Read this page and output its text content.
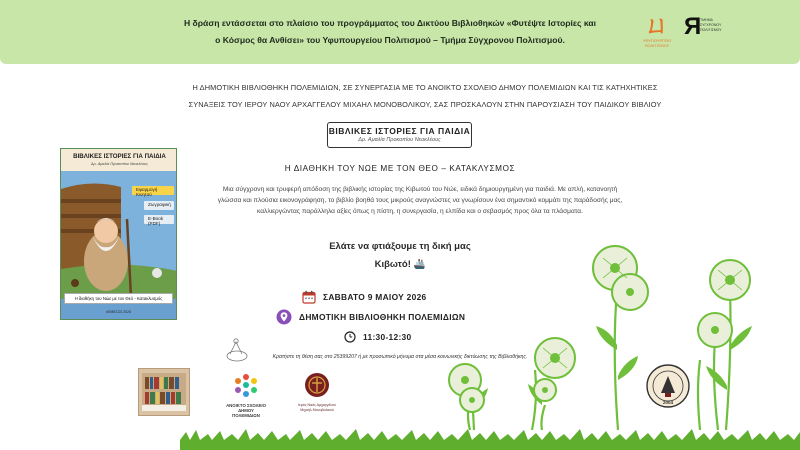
Η δράση εντάσσεται στο πλαίσιο του προγράμματος του Δικτύου Βιβλιοθηκών «Φυτέψτε Ιστορίες και
ο Κόσμος θα Ανθίσει» του Υφυπουργείου Πολιτισμού – Τμήμα Σύγχρονου Πολιτισμού.
ㄩ
ΥΦΥΠΟΥΡΓΕΙΟ ΠΟΛΙΤΙΣΜΟΥ
Я
ΤΜΗΜΑ ΣΥΓΧΡΟΝΟΥ ΠΟΛΙΤΙΣΜΟΥ
Η ΔΗΜΟΤΙΚΗ ΒΙΒΛΙΟΘΗΚΗ ΠΟΛΕΜΙΔΙΩΝ, ΣΕ ΣΥΝΕΡΓΑΣΙΑ ΜΕ ΤΟ ΑΝΟΙΚΤΟ ΣΧΟΛΕΙΟ ΔΗΜΟΥ ΠΟΛΕΜΙΔΙΩΝ ΚΑΙ ΤΙΣ ΚΑΤΗΧΗΤΙΚΕΣ
ΣΥΝΑΞΕΙΣ ΤΟΥ ΙΕΡΟΥ ΝΑΟΥ ΑΡΧΑΓΓΕΛΟΥ ΜΙΧΑΗΛ ΜΟΝΟΒΟΛΙΚΟΥ, ΣΑΣ ΠΡΟΣΚΑΛΟΥΝ ΣΤΗΝ ΠΑΡΟΥΣΙΑΣΗ ΤΟΥ ΠΑΙΔΙΚΟΥ ΒΙΒΛΙΟΥ
ΒΙΒΛΙΚΕΣ ΙΣΤΟΡΙΕΣ ΓΙΑ ΠΑΙΔΙΑ
Δρ. Αμαλία Προκοπίου Νεοκλέους
Η ΔΙΑΘΗΚΗ ΤΟΥ ΝΩΕ ΜΕ ΤΟΝ ΘΕΟ – ΚΑΤΑΚΛΥΣΜΟΣ
Μια σύγχρονη και τρυφερή απόδοση της βιβλικής ιστορίας της Κιβωτού του Νώε, ειδικά δημιουργημένη για παιδιά. Με απλή, κατανοητή
γλώσσα και πλούσια εικονογράφηση, το βιβλίο βοηθά τους μικρούς αναγνώστες να γνωρίσουν ένα σημαντικό κομμάτι της παράδοσής μας,
καλλιεργώντας παράλληλα αξίες όπως η πίστη, η συνεργασία, η ελπίδα και ο σεβασμός προς όλα τα πλάσματα.
Ελάτε να φτιάξουμε τη δική μας
Κιβωτό! 🚢
ΣΑΒΒΑΤΟ 9 ΜΑΙΟΥ 2026
ΔΗΜΟΤΙΚΗ ΒΙΒΛΙΟΘΗΚΗ ΠΟΛΕΜΙΔΙΩΝ
11:30-12:30
Κρατήστε τη θέση σας στο 25399207 ή με προσωπικό μήνυμα στα μέσα κοινωνικής δικτύωσης της Βιβλιοθήκης.
ΒΙΒΛΙΚΕΣ ΙΣΤΟΡΙΕΣ ΓΙΑ ΠΑΙΔΙΑ
Δρ. Αμαλία Προκοπίου Νεοκλέους
Εφαρμογή Κινητού
Ζωγραφική
E-Book (PDF)
Η διαθήκη του Νώε με τον Θεό - Κατακλυσμός
ΛΕΜΕΣΟΣ 2025
ΑΝΟΙΚΤΟ ΣΧΟΛΕΙΟ ΔΗΜΟΥ ΠΟΛΕΜΙΔΙΩΝ
Ιερός Ναός Αρχαγγέλου Μιχαήλ Μονοβολικού
2004
